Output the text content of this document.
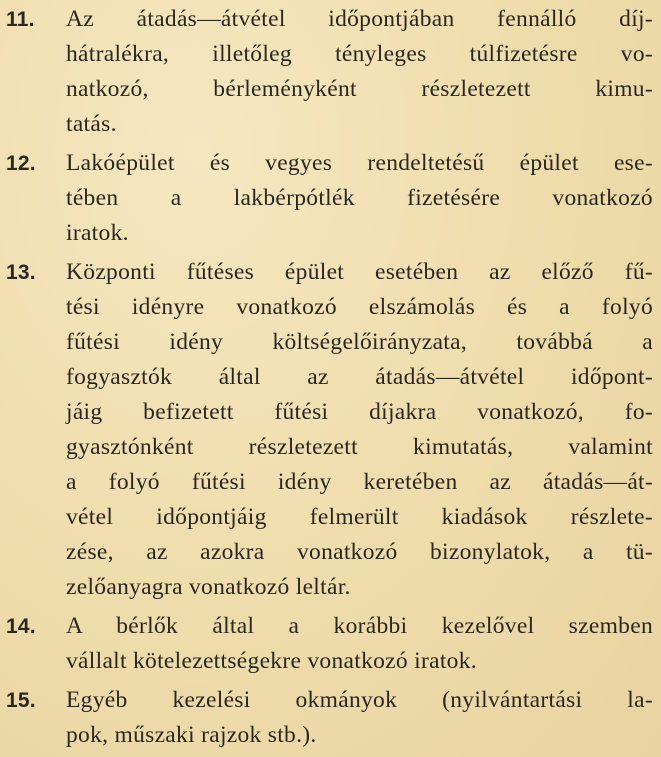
11.	Az átadás—átvétel időpontjában fennálló díj-
hátralékra, illetőleg tényleges túlfizetésre vo-
natkozó, bérleményként részletezett kimu-
tatás.
12.	Lakóépület és vegyes rendeltetésű épület ese-
tében a lakbérpótlék fizetésére vonatkozó
iratok.
13.	Központi fűtéses épület esetében az előző fű-
tési idényre vonatkozó elszámolás és a folyó
fűtési idény költségelőirányzata, továbbá a
fogyasztók által az átadás—átvétel időpont-
jáig befizetett fűtési díjakra vonatkozó, fo-
gyasztónként részletezett kimutatás, valamint
a folyó fűtési idény keretében az átadás—át-
vétel időpontjáig felmerült kiadások részlete-
zése, az azokra vonatkozó bizonylatok, a tü-
zelőanyagra vonatkozó leltár.
14.	A bérlők által a korábbi kezelővel szemben
vállalt kötelezettségekre vonatkozó iratok.
15.	Egyéb kezelési okmányok (nyilvántartási la-
pok, műszaki rajzok stb.).
